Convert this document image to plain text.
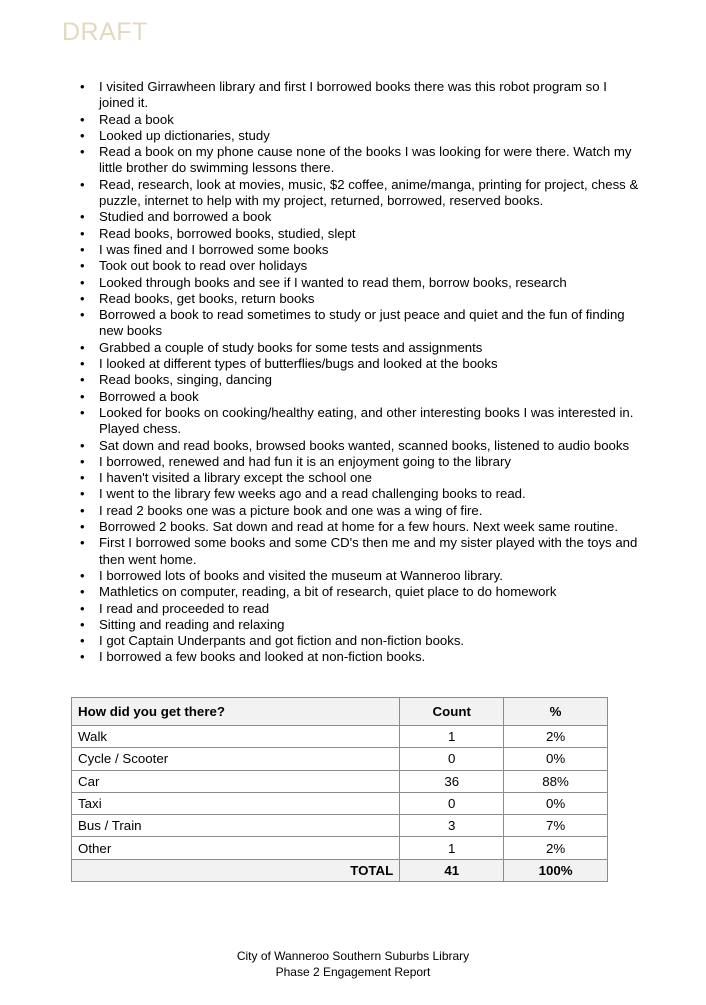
DRAFT
• I visited Girrawheen library and first I borrowed books there was this robot program so I joined it.
• Read a book
• Looked up dictionaries, study
• Read a book on my phone cause none of the books I was looking for were there. Watch my little brother do swimming lessons there.
• Read, research, look at movies, music, $2 coffee, anime/manga, printing for project, chess & puzzle, internet to help with my project, returned, borrowed, reserved books.
• Studied and borrowed a book
• Read books, borrowed books, studied, slept
• I was fined and I borrowed some books
• Took out book to read over holidays
• Looked through books and see if I wanted to read them, borrow books, research
• Read books, get books, return books
• Borrowed a book to read sometimes to study or just peace and quiet and the fun of finding new books
• Grabbed a couple of study books for some tests and assignments
• I looked at different types of butterflies/bugs and looked at the books
• Read books, singing, dancing
• Borrowed a book
• Looked for books on cooking/healthy eating, and other interesting books I was interested in. Played chess.
• Sat down and read books, browsed books wanted, scanned books, listened to audio books
• I borrowed, renewed and had fun it is an enjoyment going to the library
• I haven't visited a library except the school one
• I went to the library few weeks ago and a read challenging books to read.
• I read 2 books one was a picture book and one was a wing of fire.
• Borrowed 2 books. Sat down and read at home for a few hours. Next week same routine.
• First I borrowed some books and some CD's then me and my sister played with the toys and then went home.
• I borrowed lots of books and visited the museum at Wanneroo library.
• Mathletics on computer, reading, a bit of research, quiet place to do homework
• I read and proceeded to read
• Sitting and reading and relaxing
• I got Captain Underpants and got fiction and non-fiction books.
• I borrowed a few books and looked at non-fiction books.
How did you get there?	Count	%
Walk	1	2%
Cycle / Scooter	0	0%
Car	36	88%
Taxi	0	0%
Bus / Train	3	7%
Other	1	2%
TOTAL	41	100%
City of Wanneroo Southern Suburbs Library
Phase 2 Engagement Report
